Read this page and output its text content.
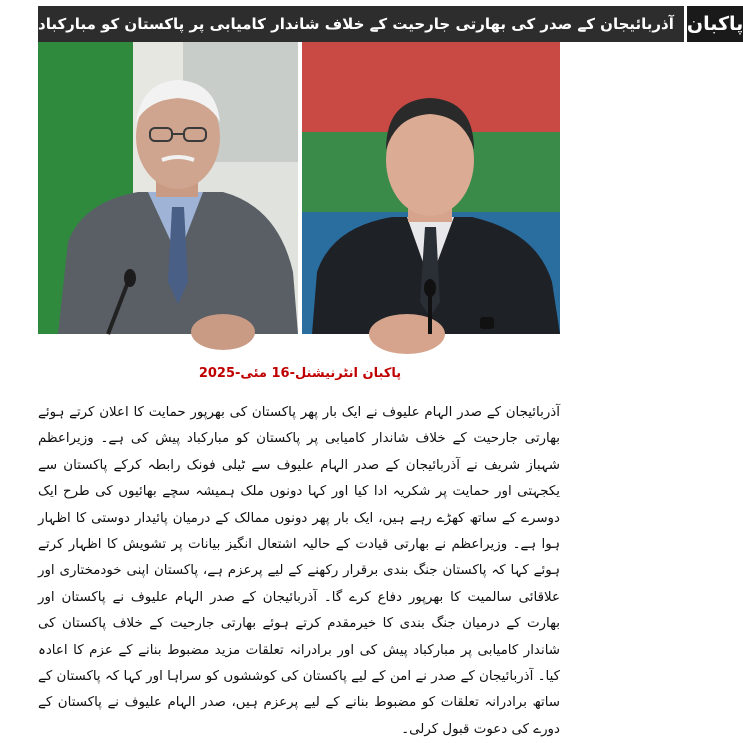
آذربائیجان کے صدر کی بھارتی جارحیت کے خلاف شاندار کامیابی پر پاکستان کو مبارکباد پاکبان
پاکبان انٹرنیشنل-16 مئی-2025

آذربائیجان کے صدر الہام علیوف نے ایک بار پھر پاکستان کی بھرپور حمایت کا اعلان کرتے ہوئے بھارتی جارحیت کے خلاف شاندار کامیابی پر پاکستان کو مبارکباد پیش کی ہے۔ وزیراعظم شہباز شریف نے آذربائیجان کے صدر الہام علیوف سے ٹیلی فونک رابطہ کرکے پاکستان سے یکجہتی اور حمایت پر شکریہ ادا کیا اور کہا دونوں ملک ہمیشہ سچے بھائیوں کی طرح ایک دوسرے کے ساتھ کھڑے رہے ہیں، ایک بار پھر دونوں ممالک کے درمیان پائیدار دوستی کا اظہار ہوا ہے۔ وزیراعظم نے بھارتی قیادت کے حالیہ اشتعال انگیز بیانات پر تشویش کا اظہار کرتے ہوئے کہا کہ پاکستان جنگ بندی برقرار رکھنے کے لیے پرعزم ہے، پاکستان اپنی خودمختاری اور علاقائی سالمیت کا بھرپور دفاع کرے گا۔ آذربائیجان کے صدر الہام علیوف نے پاکستان اور بھارت کے درمیان جنگ بندی کا خیرمقدم کرتے ہوئے بھارتی جارحیت کے خلاف پاکستان کی شاندار کامیابی پر مبارکباد پیش کی اور برادرانہ تعلقات مزید مضبوط بنانے کے عزم کا اعادہ کیا۔ آذربائیجان کے صدر نے امن کے لیے پاکستان کی کوششوں کو سراہا اور کہا کہ پاکستان کے ساتھ برادرانہ تعلقات کو مضبوط بنانے کے لیے پرعزم ہیں، صدر الہام علیوف نے پاکستان کے دورے کی دعوت قبول کرلی۔
